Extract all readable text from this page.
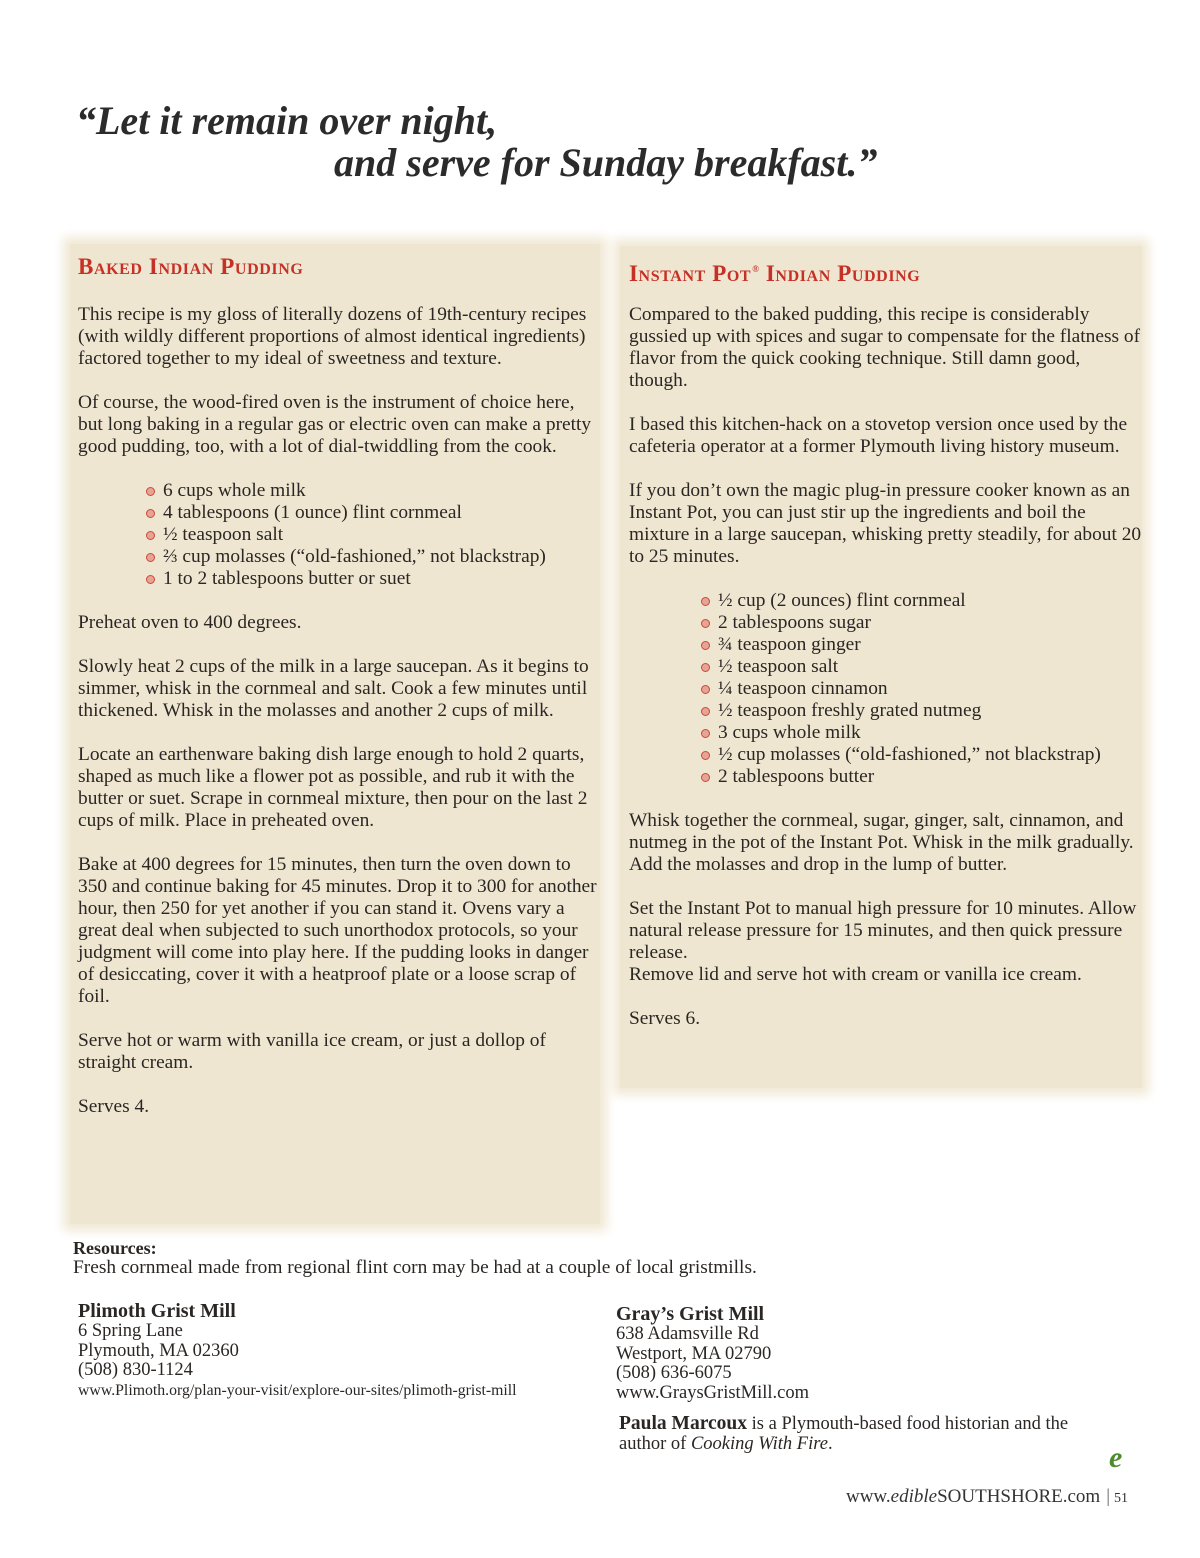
“Let it remain over night,
and serve for Sunday breakfast.”
Baked Indian Pudding

This recipe is my gloss of literally dozens of 19th-century recipes (with wildly different proportions of almost identical ingredients) factored together to my ideal of sweetness and texture.

Of course, the wood-fired oven is the instrument of choice here, but long baking in a regular gas or electric oven can make a pretty good pudding, too, with a lot of dial-twiddling from the cook.

6 cups whole milk
4 tablespoons (1 ounce) flint cornmeal
½ teaspoon salt
⅔ cup molasses (“old-fashioned,” not blackstrap)
1 to 2 tablespoons butter or suet

Preheat oven to 400 degrees.

Slowly heat 2 cups of the milk in a large saucepan. As it begins to simmer, whisk in the cornmeal and salt. Cook a few minutes until thickened. Whisk in the molasses and another 2 cups of milk.

Locate an earthenware baking dish large enough to hold 2 quarts, shaped as much like a flower pot as possible, and rub it with the butter or suet. Scrape in cornmeal mixture, then pour on the last 2 cups of milk. Place in preheated oven.

Bake at 400 degrees for 15 minutes, then turn the oven down to 350 and continue baking for 45 minutes. Drop it to 300 for another hour, then 250 for yet another if you can stand it. Ovens vary a great deal when subjected to such unorthodox protocols, so your judgment will come into play here. If the pudding looks in danger of desiccating, cover it with a heatproof plate or a loose scrap of foil.

Serve hot or warm with vanilla ice cream, or just a dollop of straight cream.

Serves 4.

Instant Pot® Indian Pudding

Compared to the baked pudding, this recipe is considerably gussied up with spices and sugar to compensate for the flatness of flavor from the quick cooking technique. Still damn good, though.

I based this kitchen-hack on a stovetop version once used by the cafeteria operator at a former Plymouth living history museum.

If you don’t own the magic plug-in pressure cooker known as an Instant Pot, you can just stir up the ingredients and boil the mixture in a large saucepan, whisking pretty steadily, for about 20 to 25 minutes.

½ cup (2 ounces) flint cornmeal
2 tablespoons sugar
¾ teaspoon ginger
½ teaspoon salt
¼ teaspoon cinnamon
½ teaspoon freshly grated nutmeg
3 cups whole milk
½ cup molasses (“old-fashioned,” not blackstrap)
2 tablespoons butter

Whisk together the cornmeal, sugar, ginger, salt, cinnamon, and nutmeg in the pot of the Instant Pot. Whisk in the milk gradually. Add the molasses and drop in the lump of butter.

Set the Instant Pot to manual high pressure for 10 minutes. Allow natural release pressure for 15 minutes, and then quick pressure release.

Remove lid and serve hot with cream or vanilla ice cream.

Serves 6.

Resources:
Fresh cornmeal made from regional flint corn may be had at a couple of local gristmills.
Plimoth Grist Mill
6 Spring Lane
Plymouth, MA 02360
(508) 830-1124
www.Plimoth.org/plan-your-visit/explore-our-sites/plimoth-grist-mill
Gray’s Grist Mill
638 Adamsville Rd
Westport, MA 02790
(508) 636-6075
www.GraysGristMill.com
Paula Marcoux is a Plymouth-based food historian and the author of Cooking With Fire.	e
www.edibleSOUTHSHORE.com | 51
